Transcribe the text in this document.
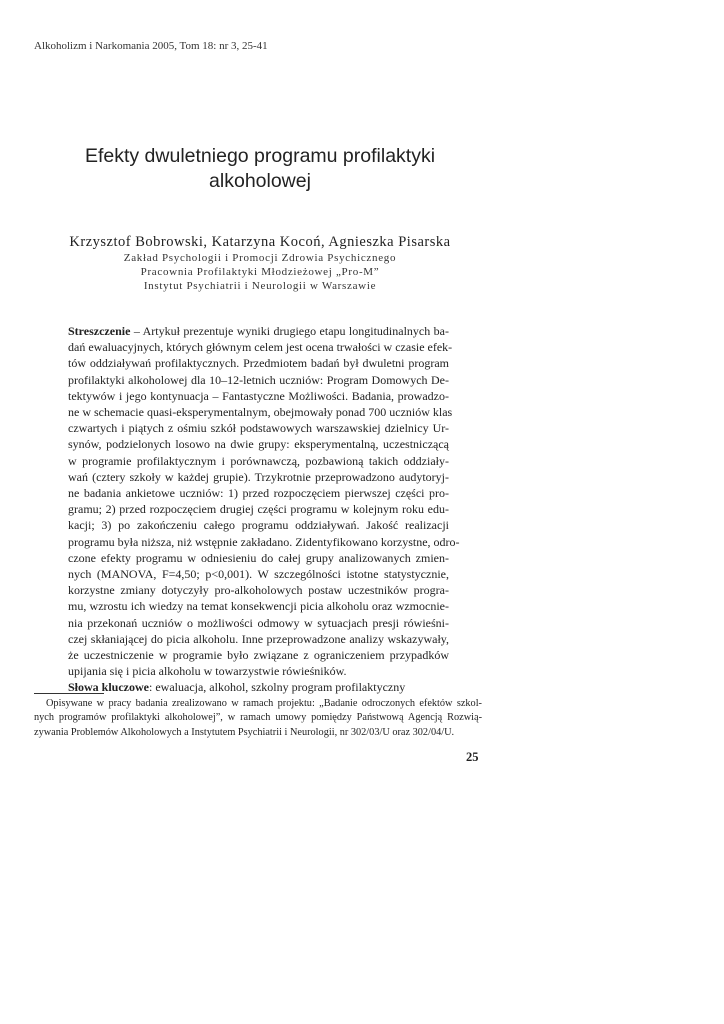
Alkoholizm i Narkomania 2005, Tom 18: nr 3, 25-41
Efekty dwuletniego programu profilaktyki
alkoholowej
Krzysztof Bobrowski, Katarzyna Kocoń, Agnieszka Pisarska
Zakład Psychologii i Promocji Zdrowia Psychicznego
Pracownia Profilaktyki Młodzieżowej „Pro-M”
Instytut Psychiatrii i Neurologii w Warszawie
Streszczenie – Artykuł prezentuje wyniki drugiego etapu longitudinalnych ba-
dań ewaluacyjnych, których głównym celem jest ocena trwałości w czasie efek-
tów oddziaływań profilaktycznych. Przedmiotem badań był dwuletni program
profilaktyki alkoholowej dla 10–12-letnich uczniów: Program Domowych De-
tektywów i jego kontynuacja – Fantastyczne Możliwości. Badania, prowadzo-
ne w schemacie quasi-eksperymentalnym, obejmowały ponad 700 uczniów klas
czwartych i piątych z ośmiu szkół podstawowych warszawskiej dzielnicy Ur-
synów, podzielonych losowo na dwie grupy: eksperymentalną, uczestniczącą
w programie profilaktycznym i porównawczą, pozbawioną takich oddziały-
wań (cztery szkoły w każdej grupie). Trzykrotnie przeprowadzono audytoryj-
ne badania ankietowe uczniów: 1) przed rozpoczęciem pierwszej części pro-
gramu; 2) przed rozpoczęciem drugiej części programu w kolejnym roku edu-
kacji; 3) po zakończeniu całego programu oddziaływań. Jakość realizacji
programu była niższa, niż wstępnie zakładano. Zidentyfikowano korzystne, odro-
czone efekty programu w odniesieniu do całej grupy analizowanych zmien-
nych (MANOVA, F=4,50; p<0,001). W szczególności istotne statystycznie,
korzystne zmiany dotyczyły pro-alkoholowych postaw uczestników progra-
mu, wzrostu ich wiedzy na temat konsekwencji picia alkoholu oraz wzmocnie-
nia przekonań uczniów o możliwości odmowy w sytuacjach presji rówieśni-
czej skłaniającej do picia alkoholu. Inne przeprowadzone analizy wskazywały,
że uczestniczenie w programie było związane z ograniczeniem przypadków
upijania się i picia alkoholu w towarzystwie rówieśników.
Słowa kluczowe: ewaluacja, alkohol, szkolny program profilaktyczny
Opisywane w pracy badania zrealizowano w ramach projektu: „Badanie odroczonych efektów szkol-
nych programów profilaktyki alkoholowej”, w ramach umowy pomiędzy Państwową Agencją Rozwią-
zywania Problemów Alkoholowych a Instytutem Psychiatrii i Neurologii, nr 302/03/U oraz 302/04/U.
25
